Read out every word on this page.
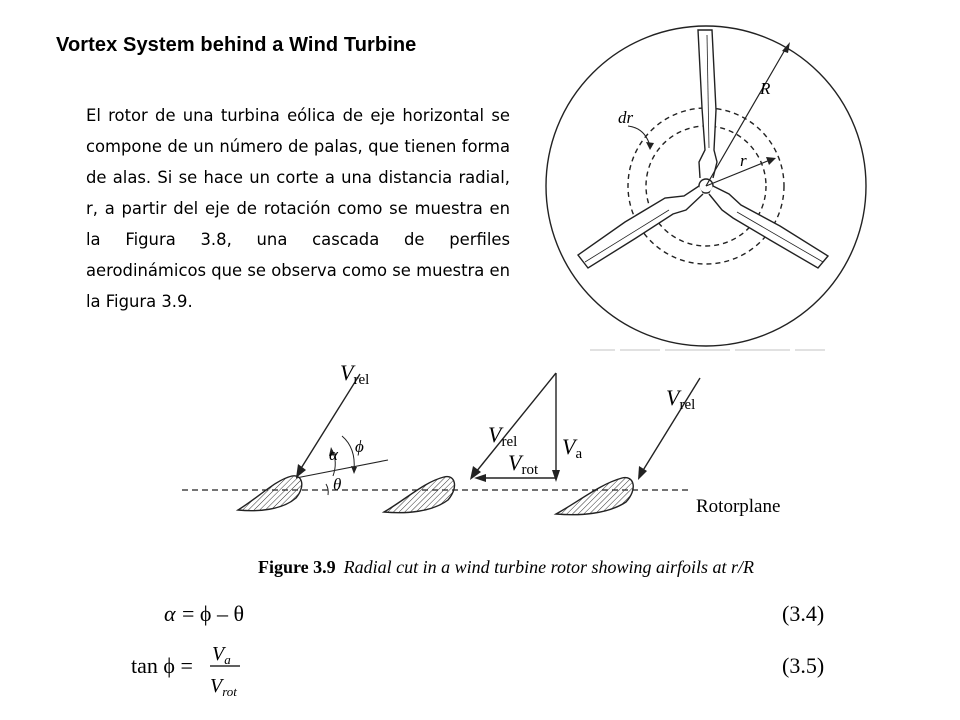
Vortex System behind a Wind Turbine

El rotor de una turbina eólica de eje horizontal se compone de un número de palas, que tienen forma de alas. Si se hace un corte a una distancia radial, r, a partir del eje de rotación como se muestra en la Figura 3.8, una cascada de perfiles aerodinámicos que se observa como se muestra en la Figura 3.9.

R
dr
r
Rotorplane
Vrel
α ϕ
θ
Vrel Va
Vrot
Vrel
Figure 3.9 Radial cut in a wind turbine rotor showing airfoils at r/R
α = ϕ – θ	(3.4)
$\tan \phi = V_a$
$V_{rot}$
(3.5)
